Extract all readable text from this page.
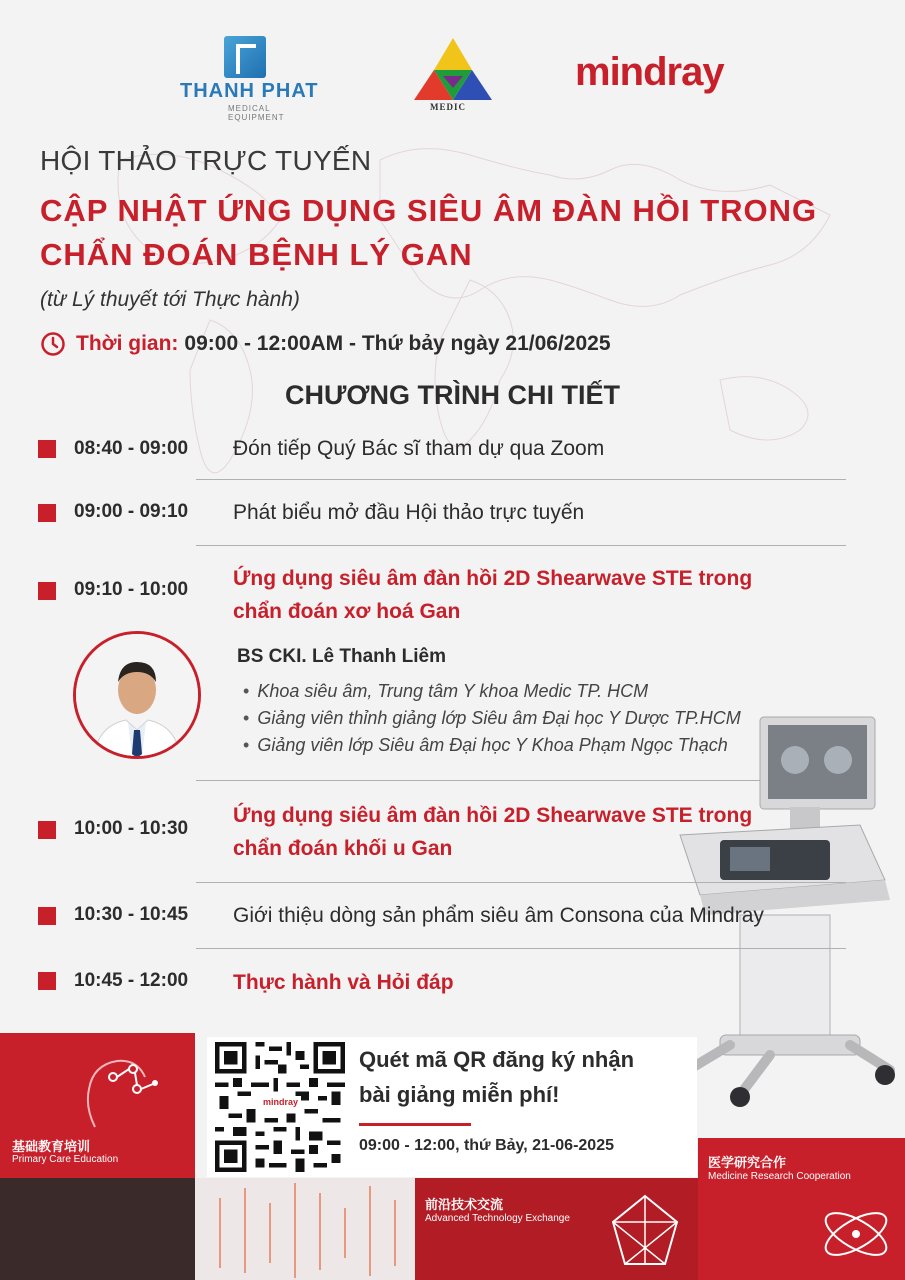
THANH PHAT
MEDICAL EQUIPMENT
MEDIC
mindray
HỘI THẢO TRỰC TUYẾN
CẬP NHẬT ỨNG DỤNG SIÊU ÂM ĐÀN HỒI TRONG
CHẨN ĐOÁN BỆNH LÝ GAN
(từ Lý thuyết tới Thực hành)
Thời gian: 09:00 - 12:00AM - Thứ bảy ngày 21/06/2025
CHƯƠNG TRÌNH CHI TIẾT
08:40 - 09:00 Đón tiếp Quý Bác sĩ tham dự qua Zoom
09:00 - 09:10 Phát biểu mở đầu Hội thảo trực tuyến
09:10 - 10:00 Ứng dụng siêu âm đàn hồi 2D Shearwave STE trong
chẩn đoán xơ hoá Gan
BS CKI. Lê Thanh Liêm
• Khoa siêu âm, Trung tâm Y khoa Medic TP. HCM
• Giảng viên thỉnh giảng lớp Siêu âm Đại học Y Dược TP.HCM
• Giảng viên lớp Siêu âm Đại học Y Khoa Phạm Ngọc Thạch
10:00 - 10:30
Ứng dụng siêu âm đàn hồi 2D Shearwave STE trong
chẩn đoán khối u Gan
10:30 - 10:45 Giới thiệu dòng sản phẩm siêu âm Consona của Mindray
10:45 - 12:00 Thực hành và Hỏi đáp
基础教育培训
Primary Care Education
前沿技术交流
Advanced Technology Exchange
医学研究合作
Medicine Research Cooperation
mindray
Quét mã QR đăng ký nhận
bài giảng miễn phí!
09:00 - 12:00, thứ Bảy, 21-06-2025
